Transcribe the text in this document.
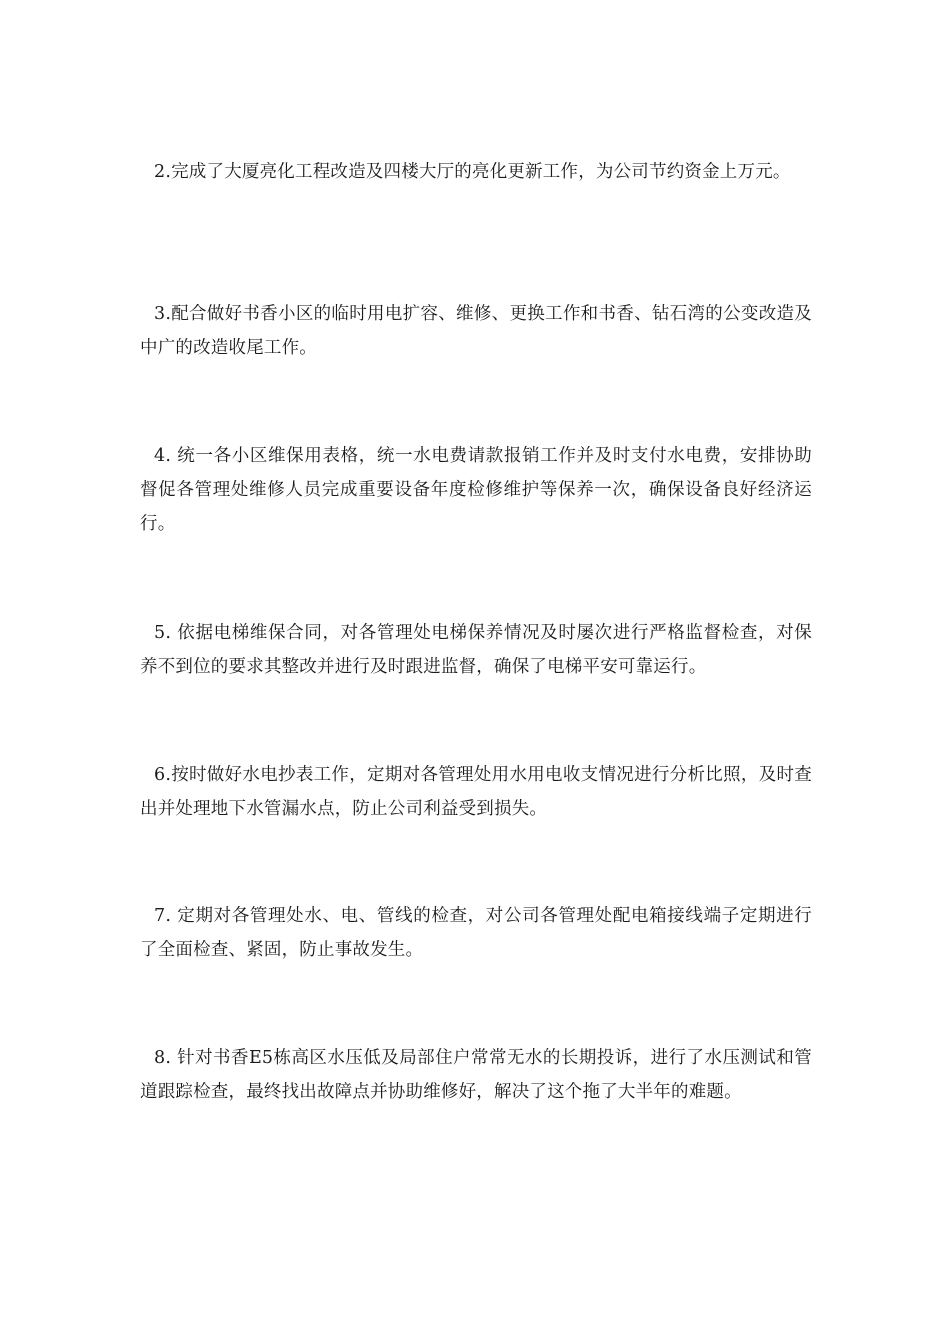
2.完成了大厦亮化工程改造及四楼大厅的亮化更新工作，为公司节约资金上万元。

3.配合做好书香小区的临时用电扩容、维修、更换工作和书香、钻石湾的公变改造及中广的改造收尾工作。

4. 统一各小区维保用表格，统一水电费请款报销工作并及时支付水电费，安排协助督促各管理处维修人员完成重要设备年度检修维护等保养一次，确保设备良好经济运行。

5. 依据电梯维保合同，对各管理处电梯保养情况及时屡次进行严格监督检查，对保养不到位的要求其整改并进行及时跟进监督，确保了电梯平安可靠运行。

6.按时做好水电抄表工作，定期对各管理处用水用电收支情况进行分析比照，及时查出并处理地下水管漏水点，防止公司利益受到损失。

7. 定期对各管理处水、电、管线的检查，对公司各管理处配电箱接线端子定期进行了全面检查、紧固，防止事故发生。

8. 针对书香E5栋高区水压低及局部住户常常无水的长期投诉，进行了水压测试和管道跟踪检查，最终找出故障点并协助维修好，解决了这个拖了大半年的难题。
